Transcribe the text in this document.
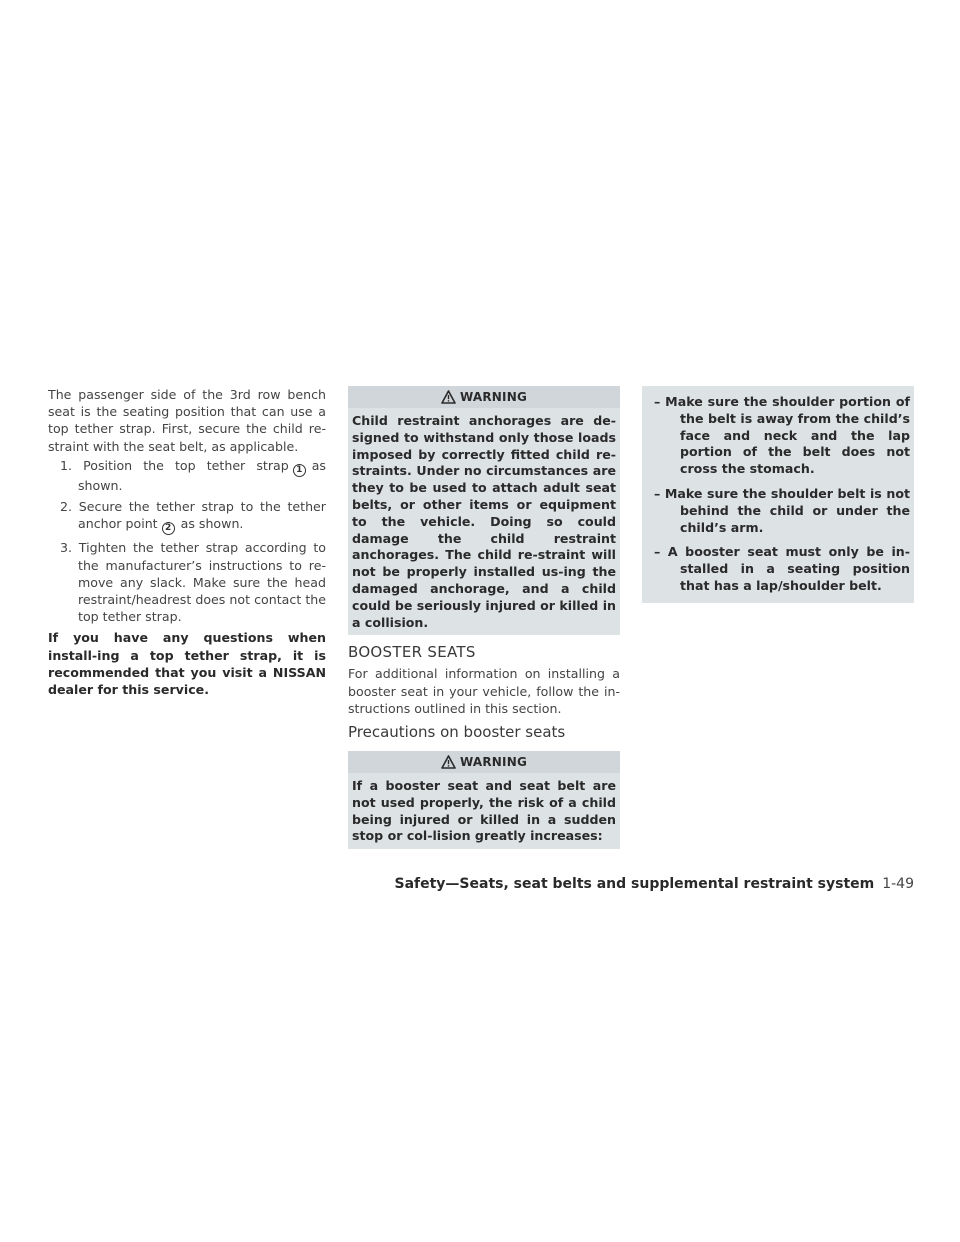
The passenger side of the 3rd row bench seat is the seating position that can use a top tether strap. First, secure the child re-straint with the seat belt, as applicable.

1. Position the top tether strap 1 as shown.
2. Secure the tether strap to the tether anchor point 2 as shown.
3. Tighten the tether strap according to the manufacturer’s instructions to re-move any slack. Make sure the head restraint/headrest does not contact the top tether strap.

If you have any questions when install-ing a top tether strap, it is recommended that you visit a NISSAN dealer for this service.

WARNING
Child restraint anchorages are de-signed to withstand only those loads imposed by correctly fitted child re-straints. Under no circumstances are they to be used to attach adult seat belts, or other items or equipment to the vehicle. Doing so could damage the child restraint anchorages. The child re-straint will not be properly installed us-ing the damaged anchorage, and a child could be seriously injured or killed in a collision.
BOOSTER SEATS

For additional information on installing a booster seat in your vehicle, follow the in-structions outlined in this section.

Precautions on booster seats
WARNING
If a booster seat and seat belt are not used properly, the risk of a child being injured or killed in a sudden stop or col-lision greatly increases:
– Make sure the shoulder portion of the belt is away from the child’s face and neck and the lap portion of the belt does not cross the stomach.
– Make sure the shoulder belt is not behind the child or under the child’s arm.
– A booster seat must only be in-stalled in a seating position that has a lap/shoulder belt.
Safety—Seats, seat belts and supplemental restraint system 1-49
